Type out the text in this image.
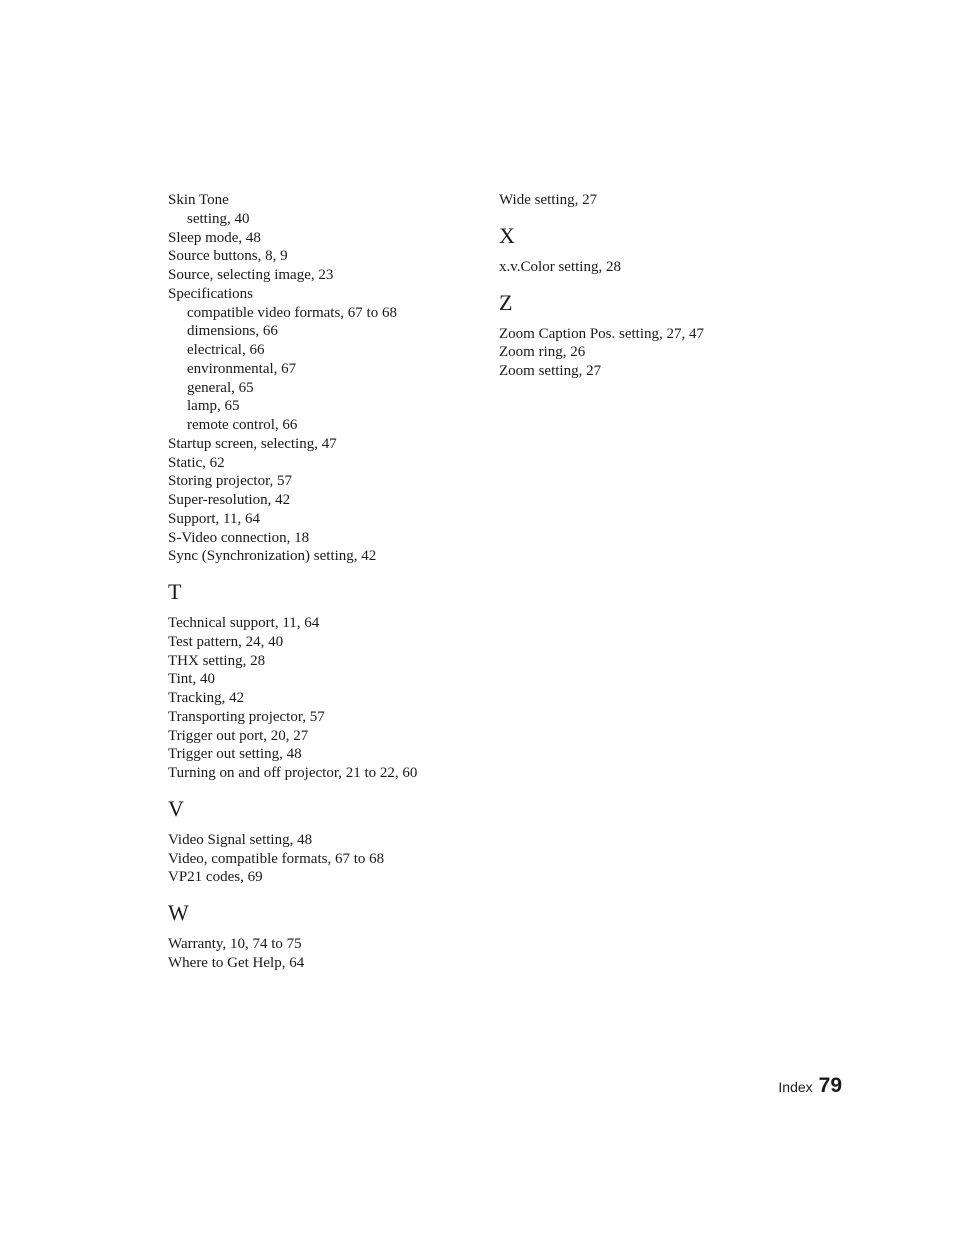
Skin Tone
setting, 40
Sleep mode, 48
Source buttons, 8, 9
Source, selecting image, 23
Specifications
compatible video formats, 67 to 68
dimensions, 66
electrical, 66
environmental, 67
general, 65
lamp, 65
remote control, 66
Startup screen, selecting, 47
Static, 62
Storing projector, 57
Super-resolution, 42
Support, 11, 64
S-Video connection, 18
Sync (Synchronization) setting, 42
T
Technical support, 11, 64
Test pattern, 24, 40
THX setting, 28
Tint, 40
Tracking, 42
Transporting projector, 57
Trigger out port, 20, 27
Trigger out setting, 48
Turning on and off projector, 21 to 22, 60
V
Video Signal setting, 48
Video, compatible formats, 67 to 68
VP21 codes, 69
W
Warranty, 10, 74 to 75
Where to Get Help, 64
Wide setting, 27
X
x.v.Color setting, 28
Z
Zoom Caption Pos. setting, 27, 47
Zoom ring, 26
Zoom setting, 27
Index 79
